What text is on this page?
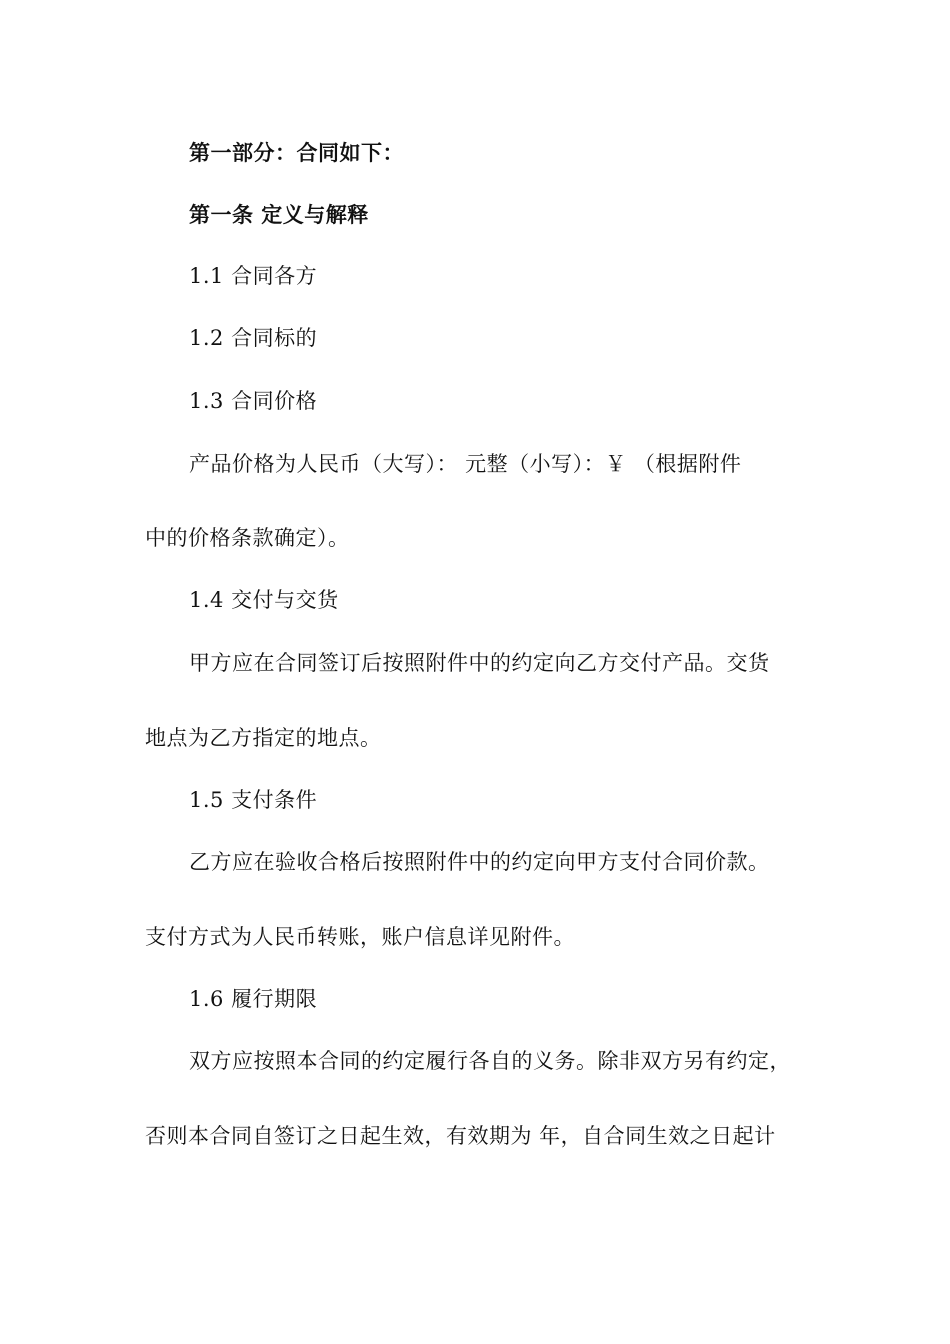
第一部分：合同如下：
第一条 定义与解释
1.1 合同各方
1.2 合同标的
1.3 合同价格
产品价格为人民币（大写）： 元整（小写）：￥ （根据附件
中的价格条款确定）。
1.4 交付与交货
甲方应在合同签订后按照附件中的约定向乙方交付产品。交货
地点为乙方指定的地点。
1.5 支付条件
乙方应在验收合格后按照附件中的约定向甲方支付合同价款。
支付方式为人民币转账，账户信息详见附件。
1.6 履行期限
双方应按照本合同的约定履行各自的义务。除非双方另有约定，
否则本合同自签订之日起生效，有效期为 年，自合同生效之日起计
